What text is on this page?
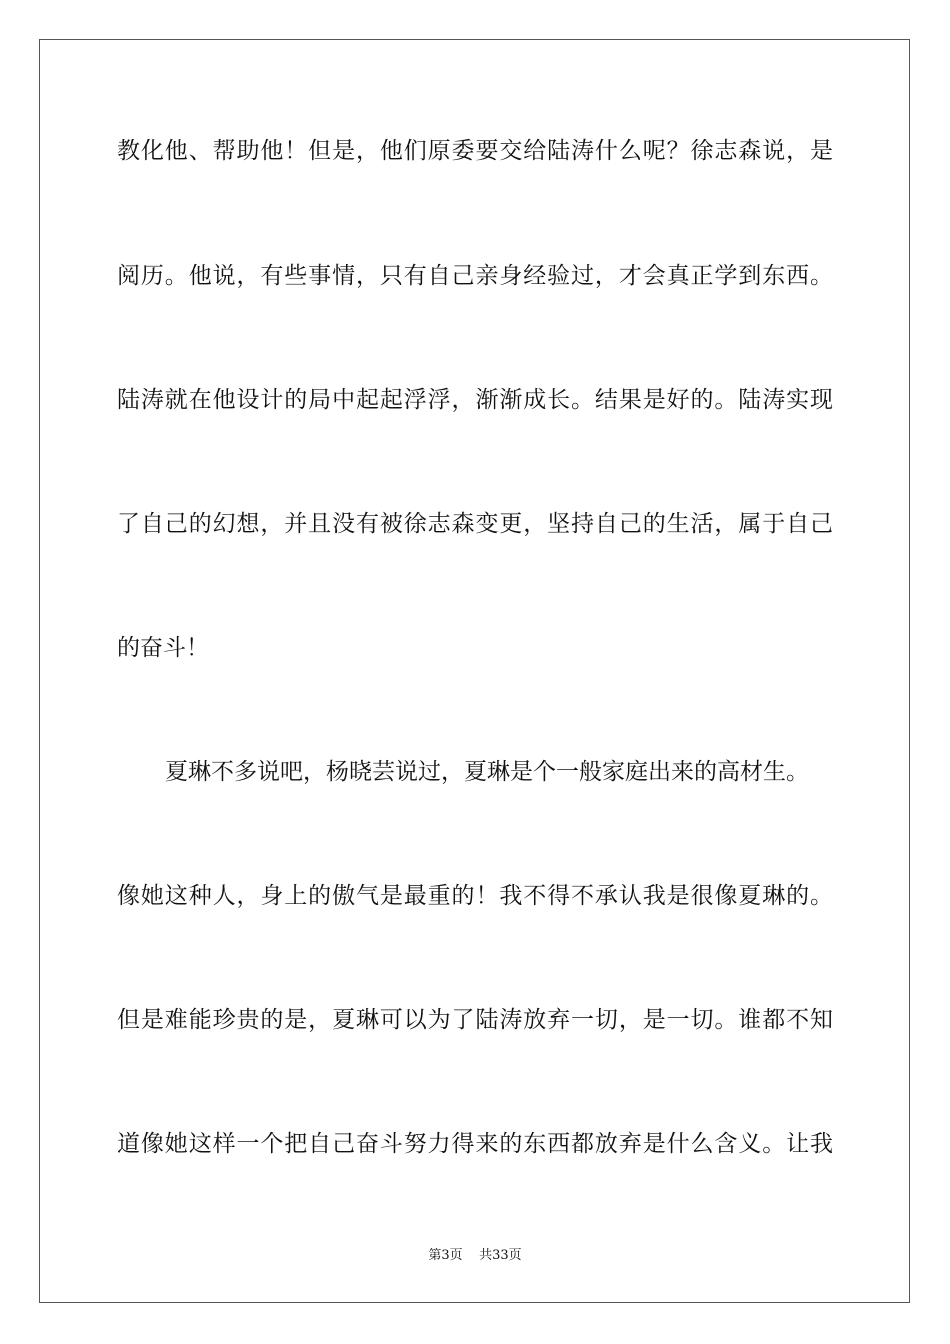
教化他、帮助他！但是，他们原委要交给陆涛什么呢？徐志森说，是
阅历。他说，有些事情，只有自己亲身经验过，才会真正学到东西。
陆涛就在他设计的局中起起浮浮，渐渐成长。结果是好的。陆涛实现
了自己的幻想，并且没有被徐志森变更，坚持自己的生活，属于自己
的奋斗！
夏琳不多说吧，杨晓芸说过，夏琳是个一般家庭出来的高材生。
像她这种人，身上的傲气是最重的！我不得不承认我是很像夏琳的。
但是难能珍贵的是，夏琳可以为了陆涛放弃一切，是一切。谁都不知
道像她这样一个把自己奋斗努力得来的东西都放弃是什么含义。让我
第3页 共33页
